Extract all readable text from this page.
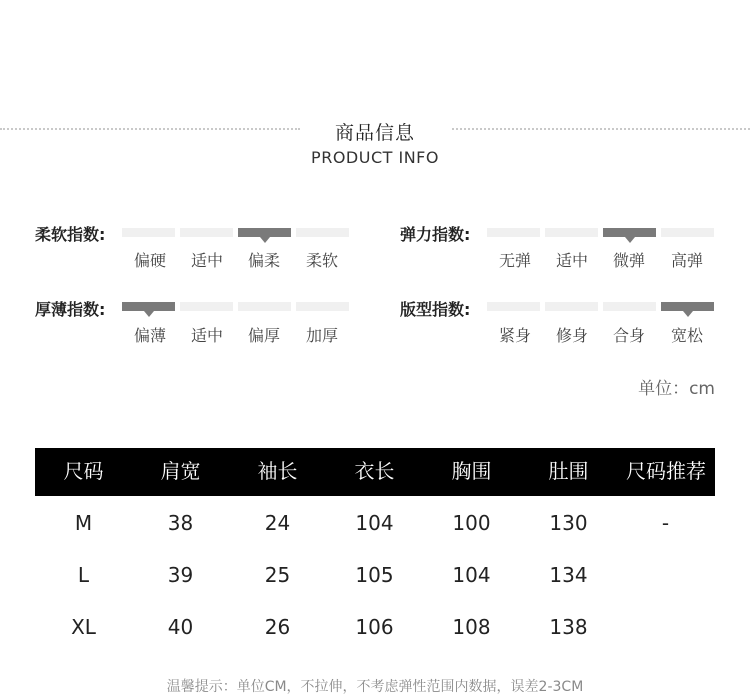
商品信息
PRODUCT INFO
柔软指数:
偏硬	适中	偏柔	柔软
弹力指数:
无弹	适中	微弹	高弹
厚薄指数:
偏薄	适中	偏厚	加厚
版型指数:
紧身	修身	合身	宽松
单位：cm
尺码	肩宽	袖长	衣长	胸围	肚围	尺码推荐
M	38	24	104	100	130	-
L	39	25	105	104	134
XL	40	26	106	108	138
温馨提示：单位CM，不拉伸，不考虑弹性范围内数据，误差2-3CM
